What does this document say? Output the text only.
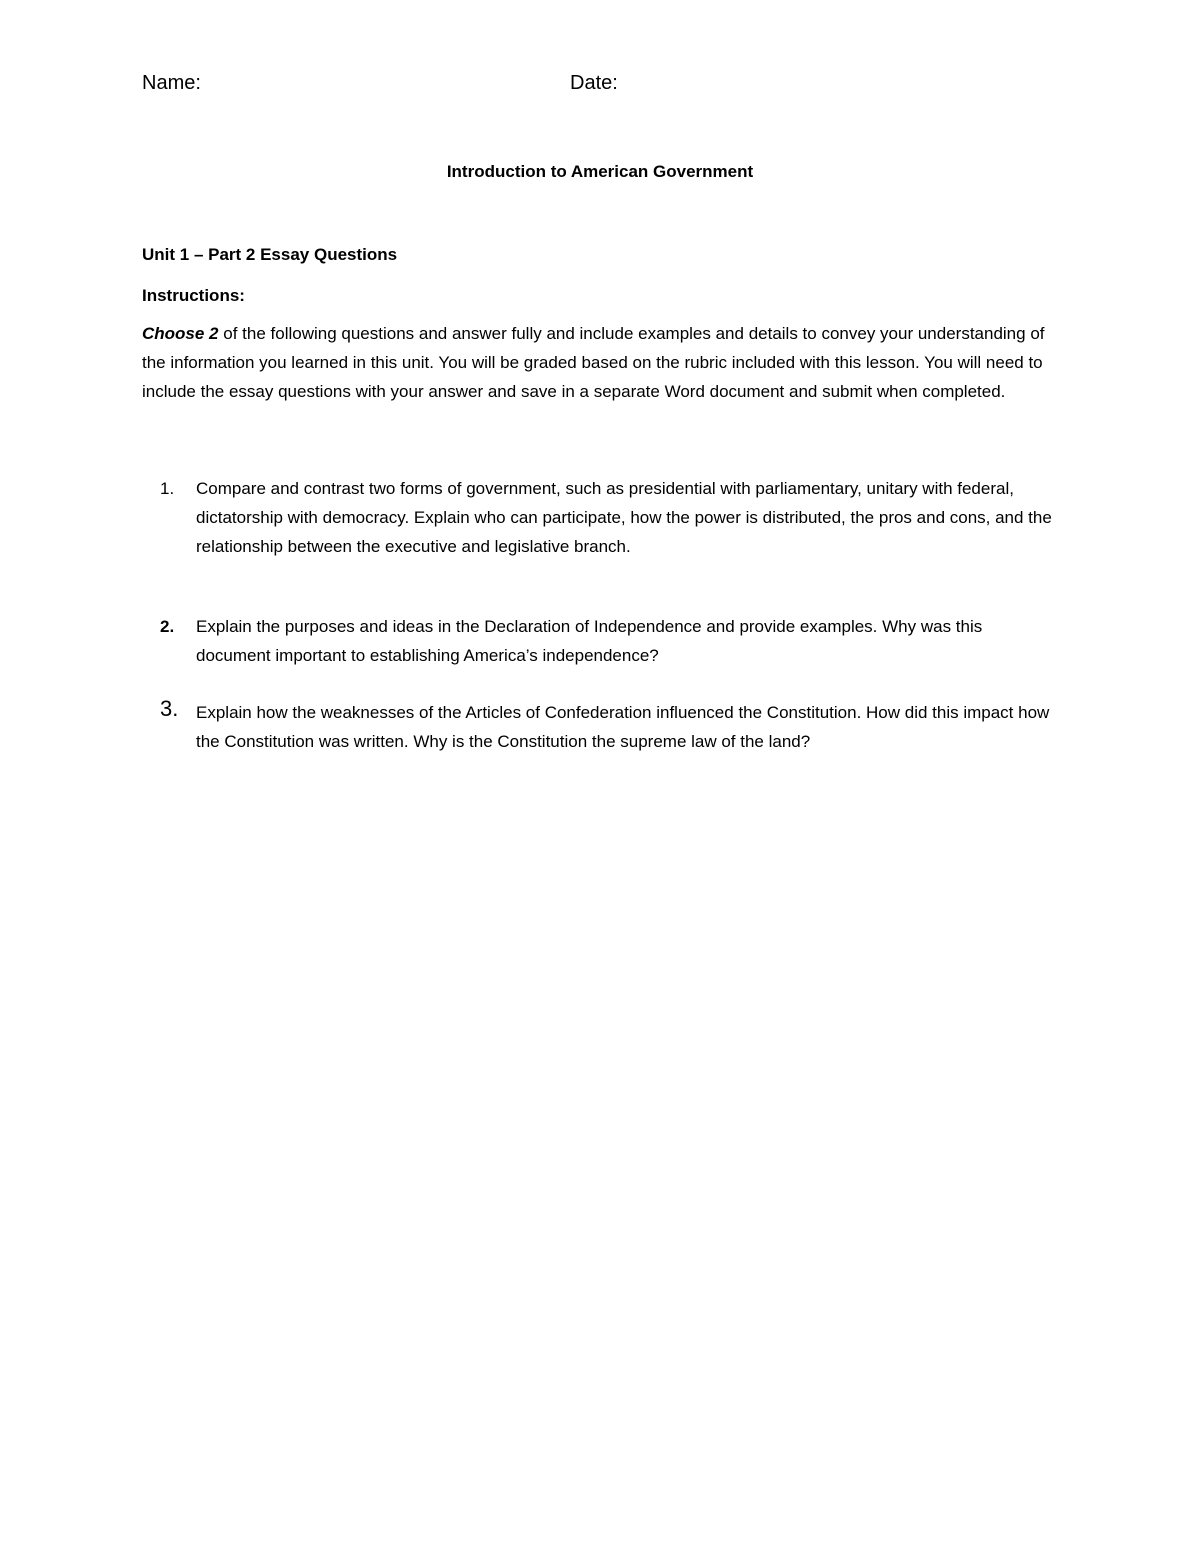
Name:	Date:
Introduction to American Government
Unit 1 – Part 2 Essay Questions
Instructions:
Choose 2 of the following questions and answer fully and include examples and details to convey your understanding of the information you learned in this unit. You will be graded based on the rubric included with this lesson. You will need to include the essay questions with your answer and save in a separate Word document and submit when completed.
1. Compare and contrast two forms of government, such as presidential with parliamentary, unitary with federal, dictatorship with democracy. Explain who can participate, how the power is distributed, the pros and cons, and the relationship between the executive and legislative branch.
2. Explain the purposes and ideas in the Declaration of Independence and provide examples. Why was this document important to establishing America’s independence?
3. Explain how the weaknesses of the Articles of Confederation influenced the Constitution. How did this impact how the Constitution was written. Why is the Constitution the supreme law of the land?
